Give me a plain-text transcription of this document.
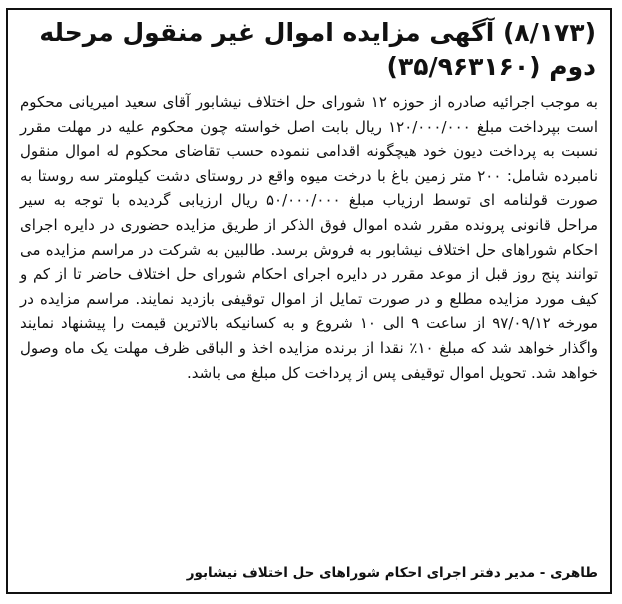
(۸/۱۷۳) آگهی مزایده اموال غیر منقول مرحله
دوم (۳۵/۹۶۳۱۶۰)
به موجب اجرائیه صادره از حوزه ۱۲ شورای حل اختلاف نیشابور آقای سعید امیریانی محکوم است بپرداخت مبلغ ۱۲۰/۰۰۰/۰۰۰ ریال بابت اصل خواسته چون محکوم علیه در مهلت مقرر نسبت به پرداخت دیون خود هیچگونه اقدامی ننموده حسب تقاضای محکوم له اموال منقول نامبرده شامل: ۲۰۰ متر زمین باغ با درخت میوه واقع در روستای دشت کیلومتر سه روستا به صورت قولنامه ای توسط ارزیاب مبلغ ۵۰/۰۰۰/۰۰۰ ریال ارزیابی گردیده با توجه به سیر مراحل قانونی پرونده مقرر شده اموال فوق الذکر از طریق مزایده حضوری در دایره اجرای احکام شوراهای حل اختلاف نیشابور به فروش برسد. طالبین به شرکت در مراسم مزایده می توانند پنج روز قبل از موعد مقرر در دایره اجرای احکام شورای حل اختلاف حاضر تا از کم و کیف مورد مزایده مطلع و در صورت تمایل از اموال توقیفی بازدید نمایند. مراسم مزایده در مورخه ۹۷/۰۹/۱۲ از ساعت ۹ الی ۱۰ شروع و به کسانیکه بالاترین قیمت را پیشنهاد نمایند واگذار خواهد شد که مبلغ ۱۰٪ نقدا از برنده مزایده اخذ و الباقی ظرف مهلت یک ماه وصول خواهد شد. تحویل اموال توقیفی پس از پرداخت کل مبلغ می باشد.
طاهری - مدیر دفتر اجرای احکام شوراهای حل اختلاف نیشابور
